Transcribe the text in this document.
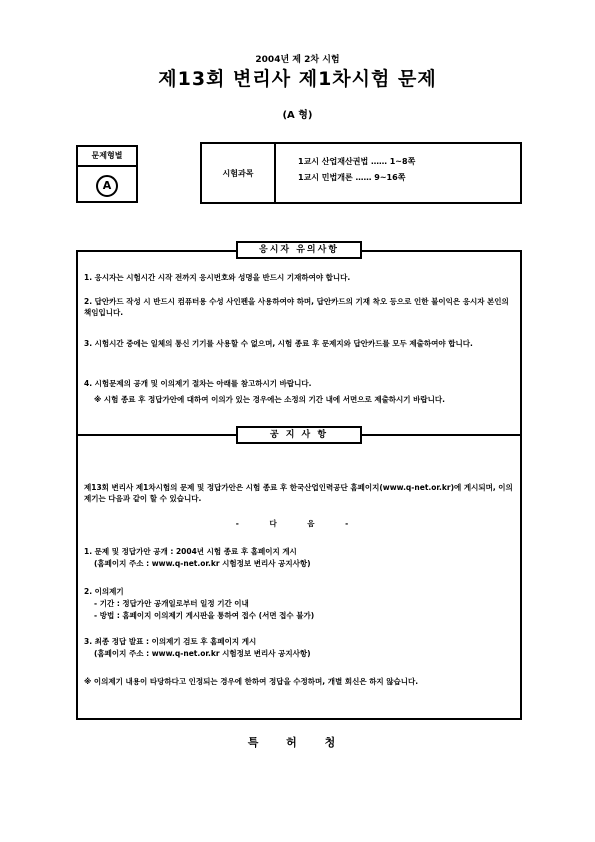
2004년 제 2차 시험
제13회 변리사 제1차시험 문제
(A 형)
문제형별
A
시험과목
1교시 산업재산권법 …… 1~8쪽
1교시 민법개론 …… 9~16쪽
응시자 유의사항
1. 응시자는 시험시간 시작 전까지 응시번호와 성명을 반드시 기재하여야 합니다.
2. 답안카드 작성 시 반드시 컴퓨터용 수성 사인펜을 사용하여야 하며, 답안카드의 기재 착오 등으로 인한 불이익은 응시자 본인의 책임입니다.
3. 시험시간 중에는 일체의 통신 기기를 사용할 수 없으며, 시험 종료 후 문제지와 답안카드를 모두 제출하여야 합니다.
4. 시험문제의 공개 및 이의제기 절차는 아래를 참고하시기 바랍니다.
※ 시험 종료 후 정답가안에 대하여 이의가 있는 경우에는 소정의 기간 내에 서면으로 제출하시기 바랍니다.
공 지 사 항
제13회 변리사 제1차시험의 문제 및 정답가안은 시험 종료 후 한국산업인력공단 홈페이지(www.q-net.or.kr)에 게시되며, 이의제기는 다음과 같이 할 수 있습니다.
- 다 음 -
1. 문제 및 정답가안 공개 : 2004년 시험 종료 후 홈페이지 게시
(홈페이지 주소 : www.q-net.or.kr 시험정보 변리사 공지사항)
2. 이의제기
- 기간 : 정답가안 공개일로부터 일정 기간 이내
- 방법 : 홈페이지 이의제기 게시판을 통하여 접수 (서면 접수 불가)
3. 최종 정답 발표 : 이의제기 검토 후 홈페이지 게시
(홈페이지 주소 : www.q-net.or.kr 시험정보 변리사 공지사항)
※ 이의제기 내용이 타당하다고 인정되는 경우에 한하여 정답을 수정하며, 개별 회신은 하지 않습니다.
특 허 청
